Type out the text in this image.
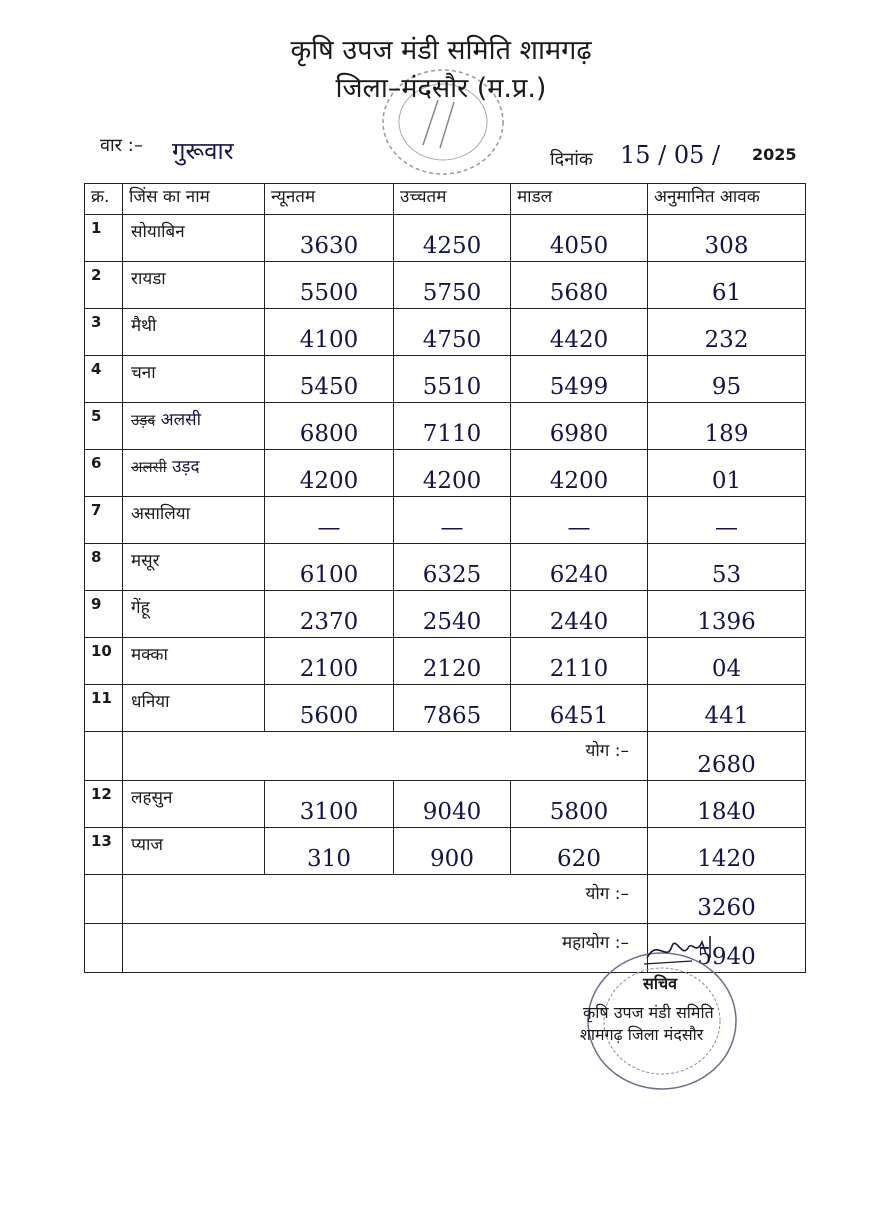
कृषि उपज मंडी समिति शामगढ़
जिला–मंदसौर (म.प्र.)
वार :– गुरूवार	दिनांक 15 / 05 / 2025
क्र.	जिंस का नाम	न्यूनतम	उच्चतम	माडल	अनुमानित आवक
1	सोयाबिन	3630	4250	4050	308
2	रायडा	5500	5750	5680	61
3	मैथी	4100	4750	4420	232
4	चना	5450	5510	5499	95
5	उड़द अलसी	6800	7110	6980	189
6	अलसी उड़द	4200	4200	4200	01
7	असालिया	—	—	—	—
8	मसूर	6100	6325	6240	53
9	गेंहू	2370	2540	2440	1396
10	मक्का	2100	2120	2110	04
11	धनिया	5600	7865	6451	441
	योग :–				2680
12	लहसुन	3100	9040	5800	1840
13	प्याज	310	900	620	1420
	योग :–				3260
	महायोग :–				5940
सचिव
कृषि उपज मंडी समिति
शामगढ़ जिला मंदसौर
